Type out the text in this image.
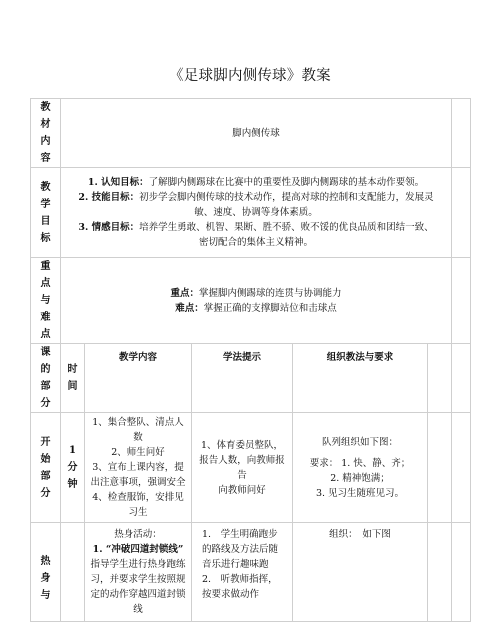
《足球脚内侧传球》教案
教
材
内
容	脚内侧传球					

教
学
目
标	1. 认知目标：了解脚内侧踢球在比赛中的重要性及脚内侧踢球的基本动作要领。
2. 技能目标：初步学会脚内侧传球的技术动作，提高对球的控制和支配能力，发展灵敏、速度、协调等身体素质。
3. 情感目标：培养学生勇敢、机智、果断、胜不骄、败不馁的优良品质和团结一致、密切配合的集体主义精神。					

重
点
与
难
点	重点：掌握脚内侧踢球的连贯与协调能力
难点：掌握正确的支撑脚站位和击球点					

课
的
部
分	时
间	教学内容	学法提示	组织教法与要求		

开
始
部
分	1
分
钟	1、集合整队、清点人数
2、师生问好
3、宣布上课内容，提出注意事项，强调安全
4、检查服饰，安排见习生	1、体育委员整队，报告人数，向教师报告
向教师问好	队列组织如下图：
要求： 1. 快、静、齐；
2. 精神饱满；
3. 见习生随班见习。		

热
身
与		热身活动：
1. “冲破四道封锁线”
指导学生进行热身跑练习，并要求学生按照规定的动作穿越四道封锁线	1.　学生明确跑步的路线及方法后随音乐进行趣味跑
2.　听教师指挥，按要求做动作	组织：　如下图		
